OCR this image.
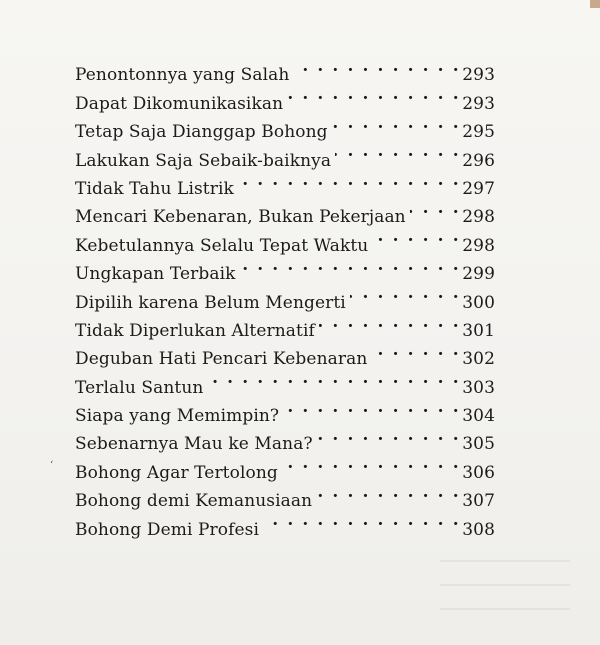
‘
Penontonnya yang Salah . . .	293
Dapat Dikomunikasikan . . .	293
Tetap Saja Dianggap Bohong . . .	295
Lakukan Saja Sebaik-baiknya . . .	296
Tidak Tahu Listrik . . .	297
Mencari Kebenaran, Bukan Pekerjaan . . .	298
Kebetulannya Selalu Tepat Waktu . . .	298
Ungkapan Terbaik . . .	299
Dipilih karena Belum Mengerti . . .	300
Tidak Diperlukan Alternatif . . .	301
Deguban Hati Pencari Kebenaran . . .	302
Terlalu Santun . . .	303
Siapa yang Memimpin? . . .	304
Sebenarnya Mau ke Mana? . . .	305
Bohong Agar Tertolong . . .	306
Bohong demi Kemanusiaan . . .	307
Bohong Demi Profesi . . .	308
